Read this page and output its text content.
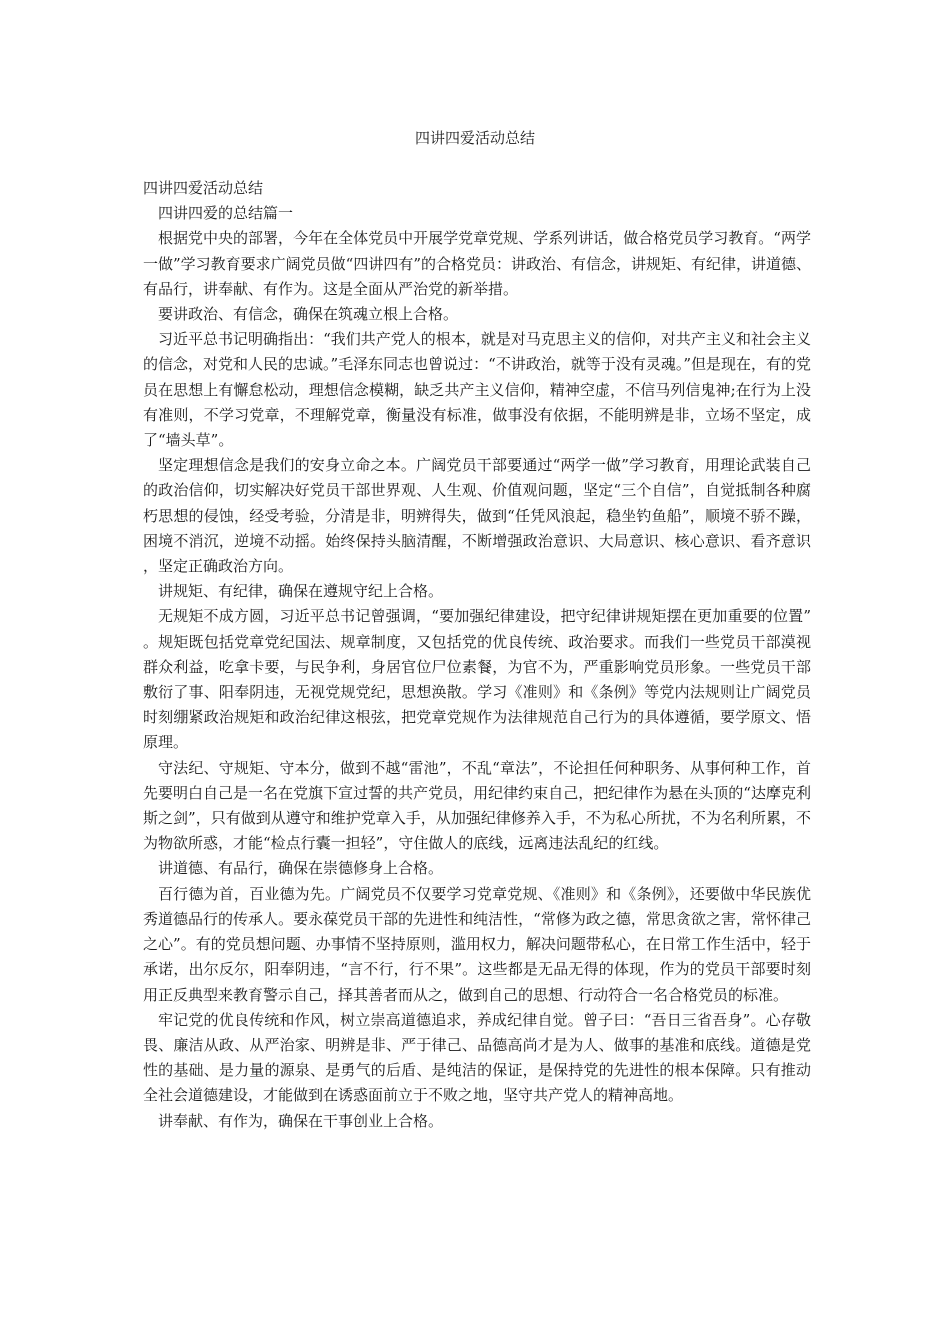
四讲四爱活动总结

四讲四爱活动总结

四讲四爱的总结篇一

根据党中央的部署，今年在全体党员中开展学党章党规、学系列讲话，做合格党员学习教育。“两学一做”学习教育要求广阔党员做“四讲四有”的合格党员：讲政治、有信念，讲规矩、有纪律，讲道德、有品行，讲奉献、有作为。这是全面从严治党的新举措。

要讲政治、有信念，确保在筑魂立根上合格。

习近平总书记明确指出：“我们共产党人的根本，就是对马克思主义的信仰，对共产主义和社会主义的信念，对党和人民的忠诚。”毛泽东同志也曾说过：“不讲政治，就等于没有灵魂。”但是现在，有的党员在思想上有懈怠松动，理想信念模糊，缺乏共产主义信仰，精神空虚，不信马列信鬼神;在行为上没有准则，不学习党章，不理解党章，衡量没有标准，做事没有依据，不能明辨是非，立场不坚定，成了“墙头草”。

坚定理想信念是我们的安身立命之本。广阔党员干部要通过“两学一做”学习教育，用理论武装自己的政治信仰，切实解决好党员干部世界观、人生观、价值观问题，坚定“三个自信”，自觉抵制各种腐朽思想的侵蚀，经受考验，分清是非，明辨得失，做到“任凭风浪起，稳坐钓鱼船”，顺境不骄不躁，困境不消沉，逆境不动摇。始终保持头脑清醒，不断增强政治意识、大局意识、核心意识、看齐意识，坚定正确政治方向。

讲规矩、有纪律，确保在遵规守纪上合格。

无规矩不成方圆，习近平总书记曾强调，“要加强纪律建设，把守纪律讲规矩摆在更加重要的位置”。规矩既包括党章党纪国法、规章制度，又包括党的优良传统、政治要求。而我们一些党员干部漠视群众利益，吃拿卡要，与民争利，身居官位尸位素餐，为官不为，严重影响党员形象。一些党员干部敷衍了事、阳奉阴违，无视党规党纪，思想涣散。学习《准则》和《条例》等党内法规则让广阔党员时刻绷紧政治规矩和政治纪律这根弦，把党章党规作为法律规范自己行为的具体遵循，要学原文、悟原理。

守法纪、守规矩、守本分，做到不越“雷池”，不乱“章法”，不论担任何种职务、从事何种工作，首先要明白自己是一名在党旗下宣过誓的共产党员，用纪律约束自己，把纪律作为悬在头顶的“达摩克利斯之剑”，只有做到从遵守和维护党章入手，从加强纪律修养入手，不为私心所扰，不为名利所累，不为物欲所惑，才能“检点行囊一担轻”，守住做人的底线，远离违法乱纪的红线。

讲道德、有品行，确保在崇德修身上合格。

百行德为首，百业德为先。广阔党员不仅要学习党章党规、《准则》和《条例》，还要做中华民族优秀道德品行的传承人。要永葆党员干部的先进性和纯洁性，“常修为政之德，常思贪欲之害，常怀律己之心”。有的党员想问题、办事情不坚持原则，滥用权力，解决问题带私心，在日常工作生活中，轻于承诺，出尔反尔，阳奉阴违，“言不行，行不果”。这些都是无品无得的体现，作为的党员干部要时刻用正反典型来教育警示自己，择其善者而从之，做到自己的思想、行动符合一名合格党员的标准。

牢记党的优良传统和作风，树立崇高道德追求，养成纪律自觉。曾子曰：“吾日三省吾身”。心存敬畏、廉洁从政、从严治家、明辨是非、严于律己、品德高尚才是为人、做事的基准和底线。道德是党性的基础、是力量的源泉、是勇气的后盾、是纯洁的保证，是保持党的先进性的根本保障。只有推动全社会道德建设，才能做到在诱惑面前立于不败之地，坚守共产党人的精神高地。

讲奉献、有作为，确保在干事创业上合格。
